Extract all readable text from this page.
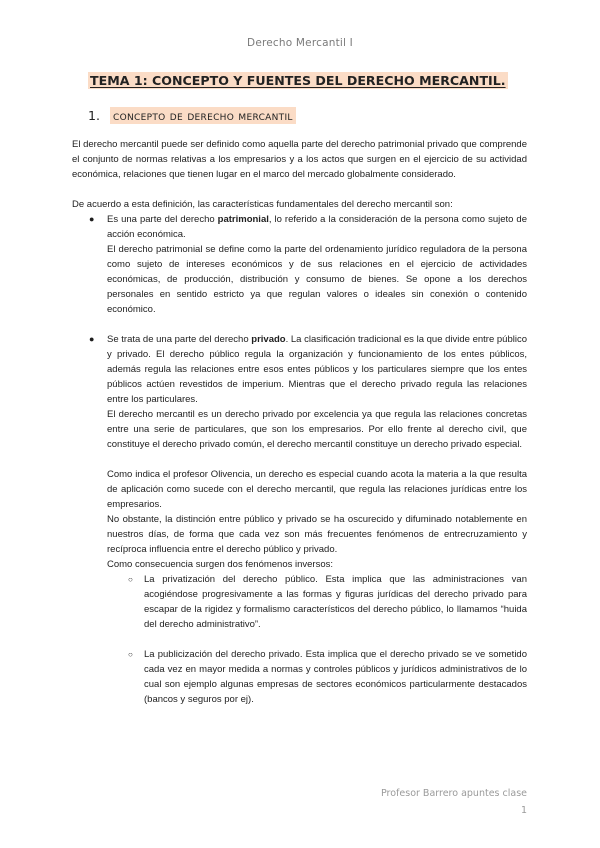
Derecho Mercantil I
TEMA 1: CONCEPTO Y FUENTES DEL DERECHO MERCANTIL.
1. concepto de derecho mercantil

El derecho mercantil puede ser definido como aquella parte del derecho patrimonial privado que comprende el conjunto de normas relativas a los empresarios y a los actos que surgen en el ejercicio de su actividad económica, relaciones que tienen lugar en el marco del mercado globalmente considerado.

De acuerdo a esta definición, las características fundamentales del derecho mercantil son:

● Es una parte del derecho patrimonial, lo referido a la consideración de la persona como sujeto de acción económica.

El derecho patrimonial se define como la parte del ordenamiento jurídico reguladora de la persona como sujeto de intereses económicos y de sus relaciones en el ejercicio de actividades económicas, de producción, distribución y consumo de bienes. Se opone a los derechos personales en sentido estricto ya que regulan valores o ideales sin conexión o contenido económico.

● Se trata de una parte del derecho privado. La clasificación tradicional es la que divide entre público y privado. El derecho público regula la organización y funcionamiento de los entes públicos, además regula las relaciones entre esos entes públicos y los particulares siempre que los entes públicos actúen revestidos de imperium. Mientras que el derecho privado regula las relaciones entre los particulares.

El derecho mercantil es un derecho privado por excelencia ya que regula las relaciones concretas entre una serie de particulares, que son los empresarios. Por ello frente al derecho civil, que constituye el derecho privado común, el derecho mercantil constituye un derecho privado especial.

Como indica el profesor Olivencia, un derecho es especial cuando acota la materia a la que resulta de aplicación como sucede con el derecho mercantil, que regula las relaciones jurídicas entre los empresarios.

No obstante, la distinción entre público y privado se ha oscurecido y difuminado notablemente en nuestros días, de forma que cada vez son más frecuentes fenómenos de entrecruzamiento y recíproca influencia entre el derecho público y privado.

Como consecuencia surgen dos fenómenos inversos:

○ La privatización del derecho público. Esta implica que las administraciones van acogiéndose progresivamente a las formas y figuras jurídicas del derecho privado para escapar de la rigidez y formalismo característicos del derecho público, lo llamamos “huida del derecho administrativo”.

○ La publicización del derecho privado. Esta implica que el derecho privado se ve sometido cada vez en mayor medida a normas y controles públicos y jurídicos administrativos de lo cual son ejemplo algunas empresas de sectores económicos particularmente destacados (bancos y seguros por ej).

Profesor Barrero apuntes clase
1
